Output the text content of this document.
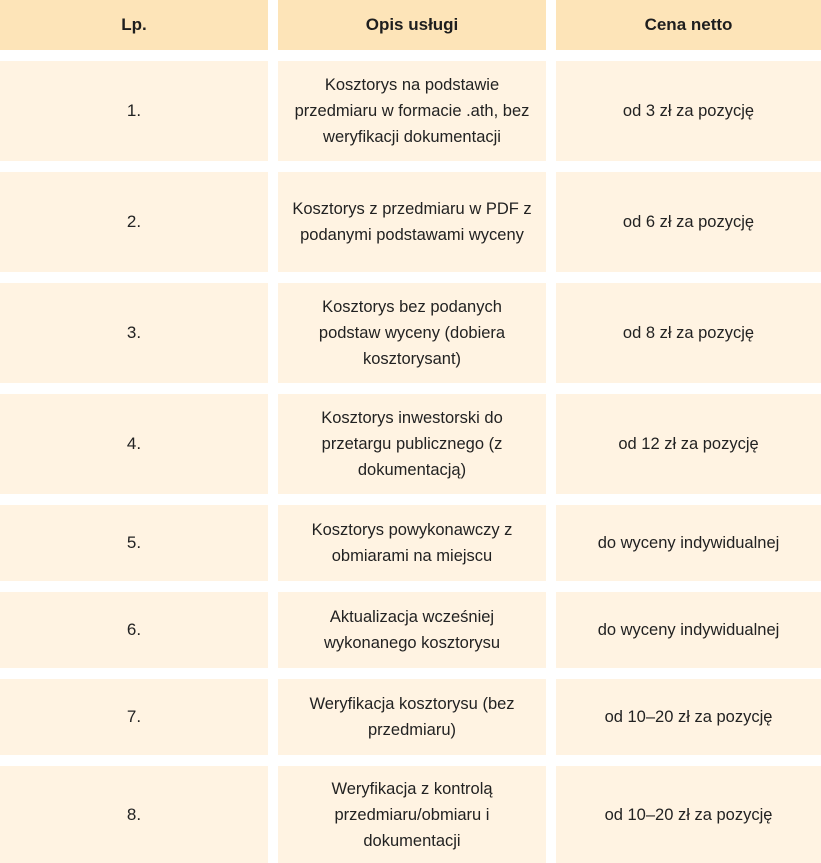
Lp.	Opis usługi	Cena netto
1.
Kosztorys na podstawie przedmiaru w formacie .ath, bez weryfikacji dokumentacji
od 3 zł za pozycję
2.
Kosztorys z przedmiaru w PDF z podanymi podstawami wyceny
od 6 zł za pozycję
3.
Kosztorys bez podanych podstaw wyceny (dobiera kosztorysant)
od 8 zł za pozycję
4.
Kosztorys inwestorski do przetargu publicznego (z dokumentacją)
od 12 zł za pozycję
5.
Kosztorys powykonawczy z obmiarami na miejscu
do wyceny indywidualnej
6.
Aktualizacja wcześniej wykonanego kosztorysu
do wyceny indywidualnej
7.
Weryfikacja kosztorysu (bez przedmiaru)
od 10–20 zł za pozycję
8.
Weryfikacja z kontrolą przedmiaru/obmiaru i dokumentacji
od 10–20 zł za pozycję
